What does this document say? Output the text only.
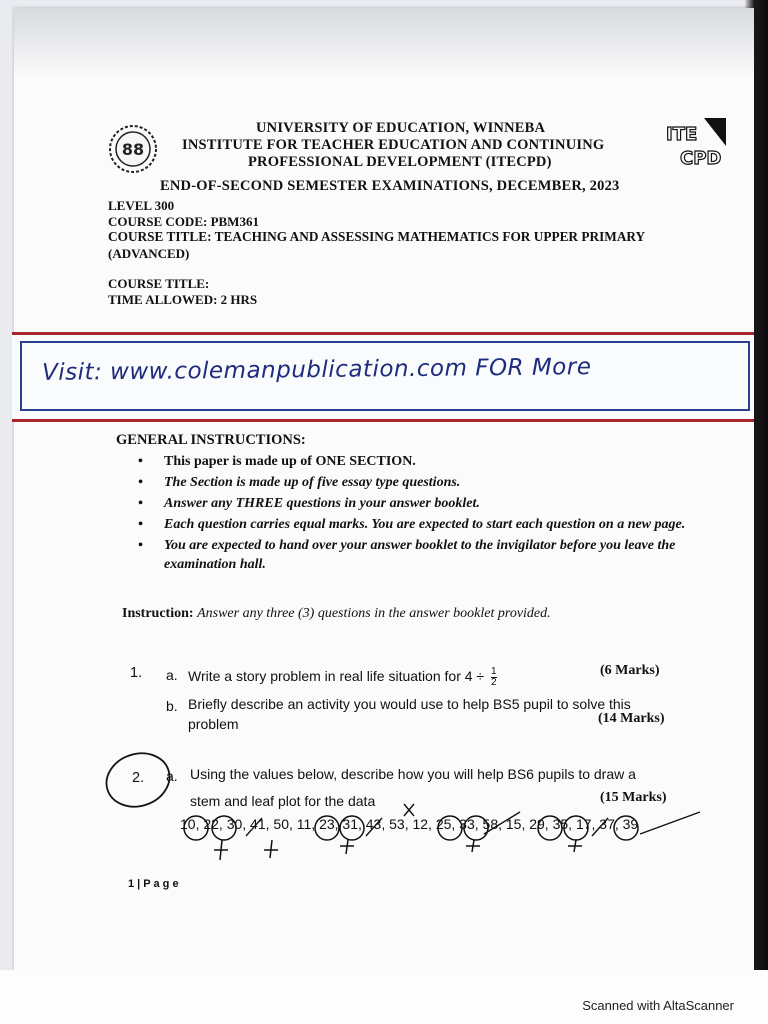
88
ITE
CPD
UNIVERSITY OF EDUCATION, WINNEBA
INSTITUTE FOR TEACHER EDUCATION AND CONTINUING
PROFESSIONAL DEVELOPMENT (ITECPD)
END-OF-SECOND SEMESTER EXAMINATIONS, DECEMBER, 2023
LEVEL 300
COURSE CODE: PBM361
COURSE TITLE: TEACHING AND ASSESSING MATHEMATICS FOR UPPER PRIMARY
(ADVANCED)
COURSE TITLE:
TIME ALLOWED: 2 HRS
Visit: www.colemanpublication.com FOR More
GENERAL INSTRUCTIONS:
• This paper is made up of ONE SECTION.
• The Section is made up of five essay type questions.
• Answer any THREE questions in your answer booklet.
• Each question carries equal marks. You are expected to start each question on a new page.
• You are expected to hand over your answer booklet to the invigilator before you leave the examination hall.
Instruction: Answer any three (3) questions in the answer booklet provided.
1. a. Write a story problem in real life situation for $4 \div \frac{1}{2}$	(6 Marks)
b. Briefly describe an activity you would use to help BS5 pupil to solve this
problem	(14 Marks)
2. a. Using the values below, describe how you will help BS6 pupils to draw a
stem and leaf plot for the data	(15 Marks)
10, 22, 30, 41, 50, 11, 23, 31, 43, 53, 12, 25, 33, 58, 15, 29, 35, 17, 37, 39
1 | P a g e
Scanned with AltaScanner
